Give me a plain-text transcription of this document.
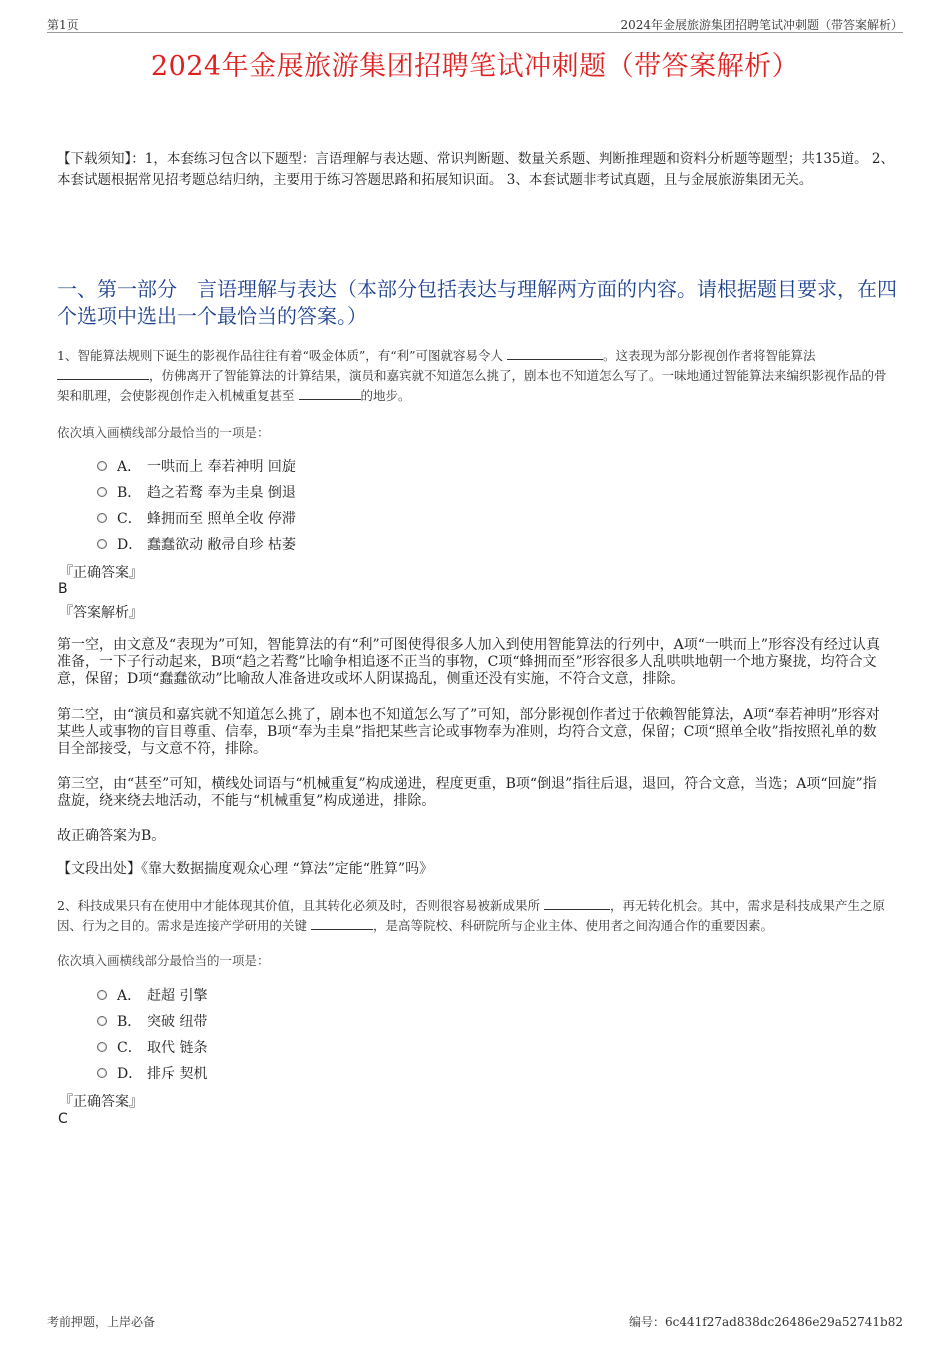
第1页	2024年金展旅游集团招聘笔试冲刺题（带答案解析）
2024年金展旅游集团招聘笔试冲刺题（带答案解析）
【下载须知】：1，本套练习包含以下题型：言语理解与表达题、常识判断题、数量关系题、判断推理题和资料分析题等题型；共135道。 2、本套试题根据常见招考题总结归纳，主要用于练习答题思路和拓展知识面。 3、本套试题非考试真题，且与金展旅游集团无关。
一、第一部分　言语理解与表达（本部分包括表达与理解两方面的内容。请根据题目要求，在四个选项中选出一个最恰当的答案。）
1、智能算法规则下诞生的影视作品往往有着“吸金体质”，有“利”可图就容易令人	。这表现为部分影视创作者将智能算法 ，仿佛离开了智能算法的计算结果，演员和嘉宾就不知道怎么挑了，剧本也不知道怎么写了。一味地通过智能算法来编织影视作品的骨架和肌理，会使影视创作走入机械重复甚至	的地步。
依次填入画横线部分最恰当的一项是：
A． 一哄而上 奉若神明 回旋
B． 趋之若鹜 奉为圭臬 倒退
C． 蜂拥而至 照单全收 停滞
D． 蠢蠢欲动 敝帚自珍 枯萎
『正确答案』
B
『答案解析』
第一空，由文意及“表现为”可知，智能算法的有“利”可图使得很多人加入到使用智能算法的行列中，A项“一哄而上”形容没有经过认真准备，一下子行动起来，B项“趋之若鹜”比喻争相追逐不正当的事物，C项“蜂拥而至”形容很多人乱哄哄地朝一个地方聚拢，均符合文意，保留；D项“蠢蠢欲动”比喻敌人准备进攻或坏人阴谋捣乱，侧重还没有实施，不符合文意，排除。
第二空，由“演员和嘉宾就不知道怎么挑了，剧本也不知道怎么写了”可知，部分影视创作者过于依赖智能算法，A项“奉若神明”形容对某些人或事物的盲目尊重、信奉，B项“奉为圭臬”指把某些言论或事物奉为准则，均符合文意，保留；C项“照单全收”指按照礼单的数目全部接受，与文意不符，排除。
第三空，由“甚至”可知，横线处词语与“机械重复”构成递进，程度更重，B项“倒退”指往后退，退回，符合文意，当选；A项“回旋”指盘旋，绕来绕去地活动，不能与“机械重复”构成递进，排除。
故正确答案为B。
【文段出处】《靠大数据揣度观众心理 “算法”定能“胜算”吗》
2、科技成果只有在使用中才能体现其价值，且其转化必须及时，否则很容易被新成果所	，再无转化机会。其中，需求是科技成果产生之原因、行为之目的。需求是连接产学研用的关键	，是高等院校、科研院所与企业主体、使用者之间沟通合作的重要因素。
依次填入画横线部分最恰当的一项是：
A． 赶超 引擎
B． 突破 纽带
C． 取代 链条
D． 排斥 契机
『正确答案』
C
考前押题，上岸必备	编号：6c441f27ad838dc26486e29a52741b82
